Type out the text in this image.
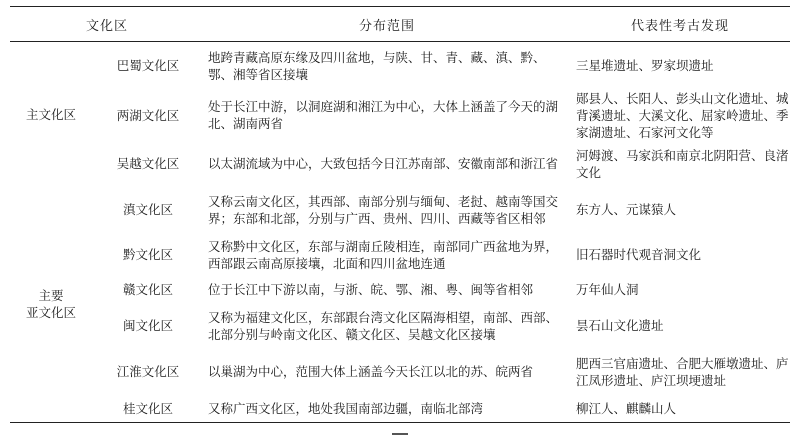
文化区		分布范围	代表性考古发现
主文化区	巴蜀文化区	地跨青藏高原东缘及四川盆地，与陕、甘、青、藏、滇、黔、鄂、湘等省区接壤	三星堆遗址、罗家坝遗址
	两湖文化区	处于长江中游，以洞庭湖和湘江为中心，大体上涵盖了今天的湖北、湖南两省	郧县人、长阳人、彭头山文化遗址、城背溪遗址、大溪文化、屈家岭遗址、季家湖遗址、石家河文化等
	吴越文化区	以太湖流域为中心，大致包括今日江苏南部、安徽南部和浙江省	河姆渡、马家浜和南京北阴阳营、良渚文化

主要
亚文化区	滇文化区	又称云南文化区，其西部、南部分别与缅甸、老挝、越南等国交界；东部和北部，分别与广西、贵州、四川、西藏等省区相邻	东方人、元谋猿人
	黔文化区	又称黔中文化区，东部与湖南丘陵相连，南部同广西盆地为界，西部跟云南高原接壤，北面和四川盆地连通	旧石器时代观音洞文化
	赣文化区	位于长江中下游以南，与浙、皖、鄂、湘、粤、闽等省相邻	万年仙人洞
	闽文化区	又称为福建文化区，东部跟台湾文化区隔海相望，南部、西部、北部分别与岭南文化区、赣文化区、吴越文化区接壤	昙石山文化遗址
	江淮文化区	以巢湖为中心，范围大体上涵盖今天长江以北的苏、皖两省	肥西三官庙遗址、合肥大雁墩遗址、庐江凤形遗址、庐江坝埂遗址
	桂文化区	又称广西文化区，地处我国南部边疆，南临北部湾	柳江人、麒麟山人
